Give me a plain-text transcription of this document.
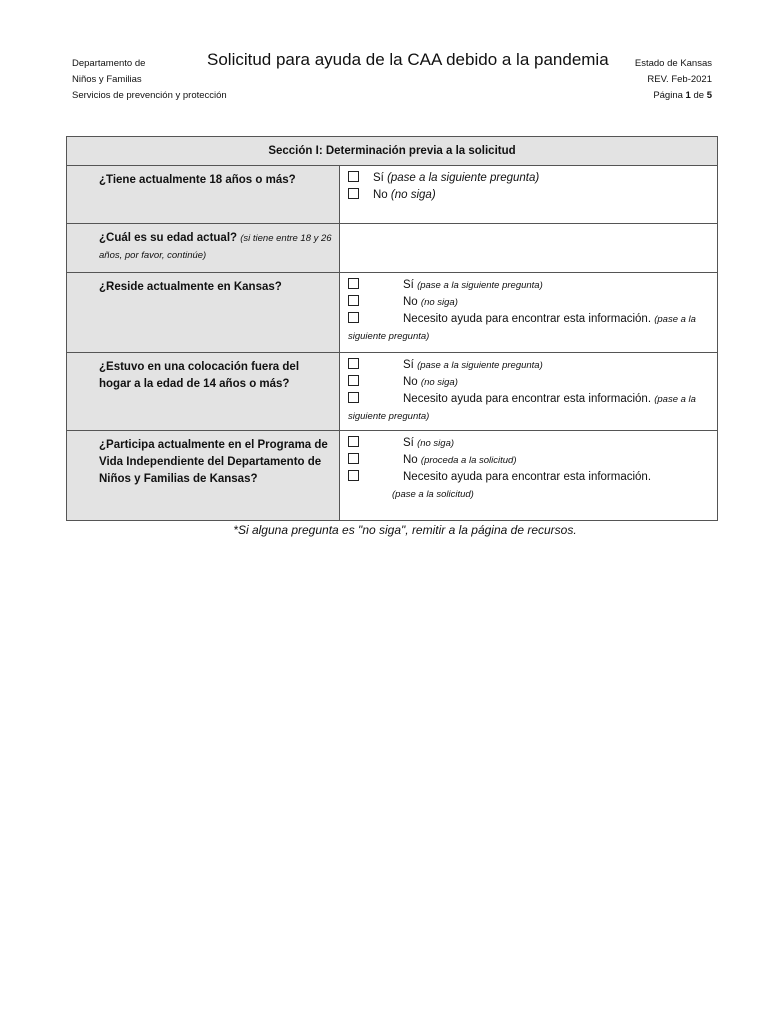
Departamento de
Niños y Familias
Servicios de prevención y protección
Solicitud para ayuda de la CAA debido a la pandemia	Estado de Kansas
REV. Feb-2021
Página 1 de 5
Sección I: Determinación previa a la solicitud	
¿Tiene actualmente 18 años o más?	Sí (pase a la siguiente pregunta)
No (no siga)

¿Cuál es su edad actual? (si tiene entre 18 y 26 años, por favor, continúe)	
¿Reside actualmente en Kansas?	Sí (pase a la siguiente pregunta)
No (no siga)
Necesito ayuda para encontrar esta información. (pase a la
siguiente pregunta)

¿Estuvo en una colocación fuera del hogar a la edad de 14 años o más?	Sí (pase a la siguiente pregunta)
No (no siga)
Necesito ayuda para encontrar esta información. (pase a la
siguiente pregunta)

¿Participa actualmente en el Programa de Vida Independiente del Departamento de Niños y Familias de Kansas?	Sí (no siga)
No (proceda a la solicitud)
Necesito ayuda para encontrar esta información.
(pase a la solicitud)
*Si alguna pregunta es "no siga", remitir a la página de recursos.
